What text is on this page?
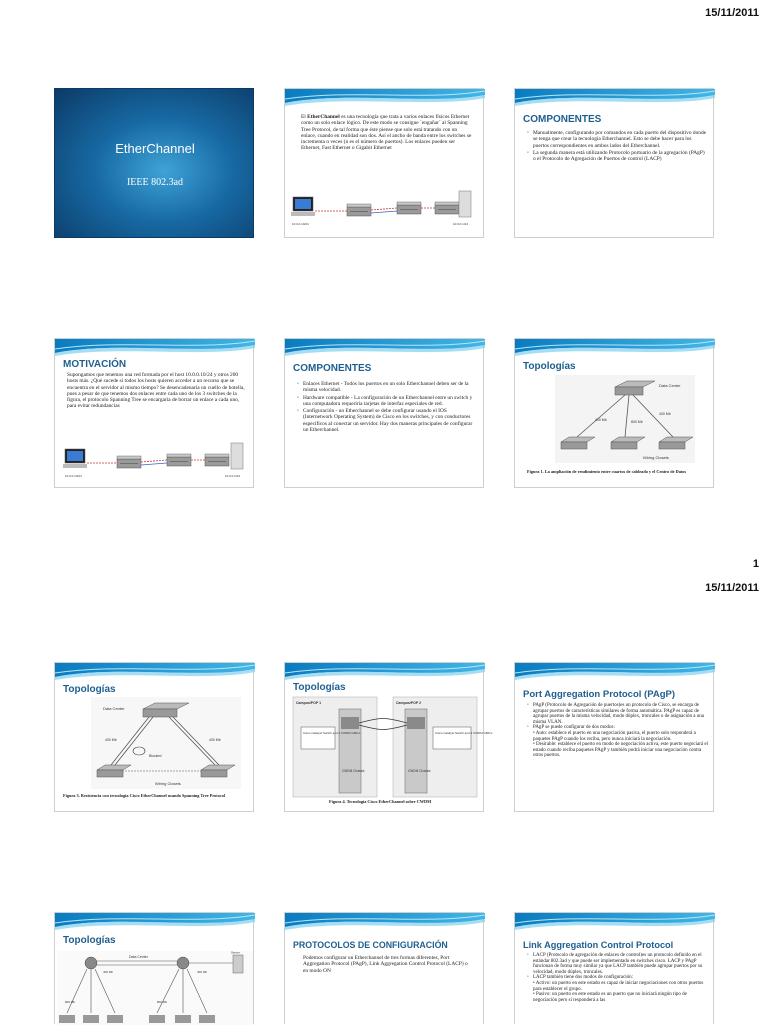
15/11/2011
EtherChannel
IEEE 802.3ad
El EtherChannel es una tecnología que trata a varios enlaces físicos Ethernet como un solo enlace lógico. De este modo se consigue `engañar´ al Spanning Tree Protocol, de tal forma que éste piense que solo está tratando con un enlace, cuando en realidad son dos. Así el ancho de banda entre los switches se incrementa n veces (n es el número de puertos). Los enlaces pueden ser Ethernet, Fast Ethernet o Gigabit Ethernet
10.0.0.10/24	10.0.0.1/24
COMPONENTES
• Manualmente, configurando por comandos en cada puerto del dispositivo donde se tenga que crear la tecnología Etherchannel. Esto se debe hacer para los puertos correspondientes en ambos lados del Etherchannel.
• La segunda manera está utilizando Protocolo portuario de la agregación (PAgP) o el Protocolo de Agregación de Puertos de control (LACP)
MOTIVACIÓN
Supongamos que tenemos una red formada por el host 10.0.0.10/24 y otros 200 hosts más. ¿Qué sucede si todos los hosts quieren acceder a un recurso que se encuentra en el servidor al mismo tiempo? Se desencadenaría un cuello de botella, pues a pesar de que tenemos dos enlaces entre cada uno de los 3 switches de la figura, el protocolo Spanning Tree se encargaría de borrar un enlace a cada uno, para evitar redundancias
10.0.0.10/24	10.0.0.1/24
COMPONENTES
• Enlaces Ethernet - Todos los puertos en un solo Etherchannel deben ser de la misma velocidad.
• Hardware compatible - La configuración de un Etherchannel entre un switch y una computadora requeriría tarjetas de interfaz especiales de red.
• Configuración - un Etherchannel se debe configurar usando el IOS (Internetwork Operating System) de Cisco en los switches, y con conductores específicos al conectar un servidor. Hay dos maneras principales de configurar un Etherchannel.
Topologías
Data Center
400 Mb	800 Mb
400 Mb
Wiring Closets
Figura 1. La ampliación de rendimiento entre cuartos de cableado y el Centro de Datos
1
15/11/2011
Topologías
Data Center
400 Mb	400 Mb
Blocked
Wiring Closets
Figura 3. Resistencia con tecnología Cisco EtherChannel usando Spanning Tree Protocol
Topologías
Campus/POP 1	Campus/POP 2
Cisco Catalyst Switch and 4 CWDM GBICs	Cisco Catalyst Switch and 4 CWDM GBICs
CWDM Chassis	CWDM Chassis
Figura 4. Tecnología Cisco EtherChannel sobre CWDM
Port Aggregation Protocol (PAgP)
• PAgP (Protocolo de Agregación de puertos)es un protocolo de Cisco, se encarga de agrupar puertos de características similares de forma automática. PAgP es capaz de agrupar puertos de la misma velocidad, modo dúplex, troncales o de asignación a una misma VLAN.
• PAgP se puede configurar de dos modos:
• Auto: establece el puerto en una negociación pasiva, el puerto solo responderá a paquetes PAgP cuando los reciba, pero nunca iniciará la negociación.
• Desirable: establece el puerto en modo de negociación activa, este puerto negociará el estado cuando reciba paquetes PAgP y también podrá iniciar una negociación contra otros puertos.
Topologías
Data Center
Server
400 Mb	400 Mb
800 Mb	800 Mb
PROTOCOLOS DE CONFIGURACIÓN
Podemos configurar un Etherchannel de tres formas diferentes, Port Aggregation Protocol (PAgP), Link Aggregation Control Protocol (LACP) o en modo ON
Link Aggregation Control Protocol
• LACP (Protocolo de agregación de enlaces de control)es un protocolo definido en el estándar 802.3ad y que puede ser implementado en switches cisco. LACP y PAgP funcionan de forma muy similar ya que LACP también puede agrupar puertos por su velocidad, modo dúplex, troncales.
• LACP también tiene dos modos de configuración:
• Activo: un puerto en este estado es capaz de iniciar negociaciones con otros puertos para establecer el grupo.
• Pasivo: un puerto en este estado es un puerto que no iniciará ningún tipo de negociación pero sí responderá a las
